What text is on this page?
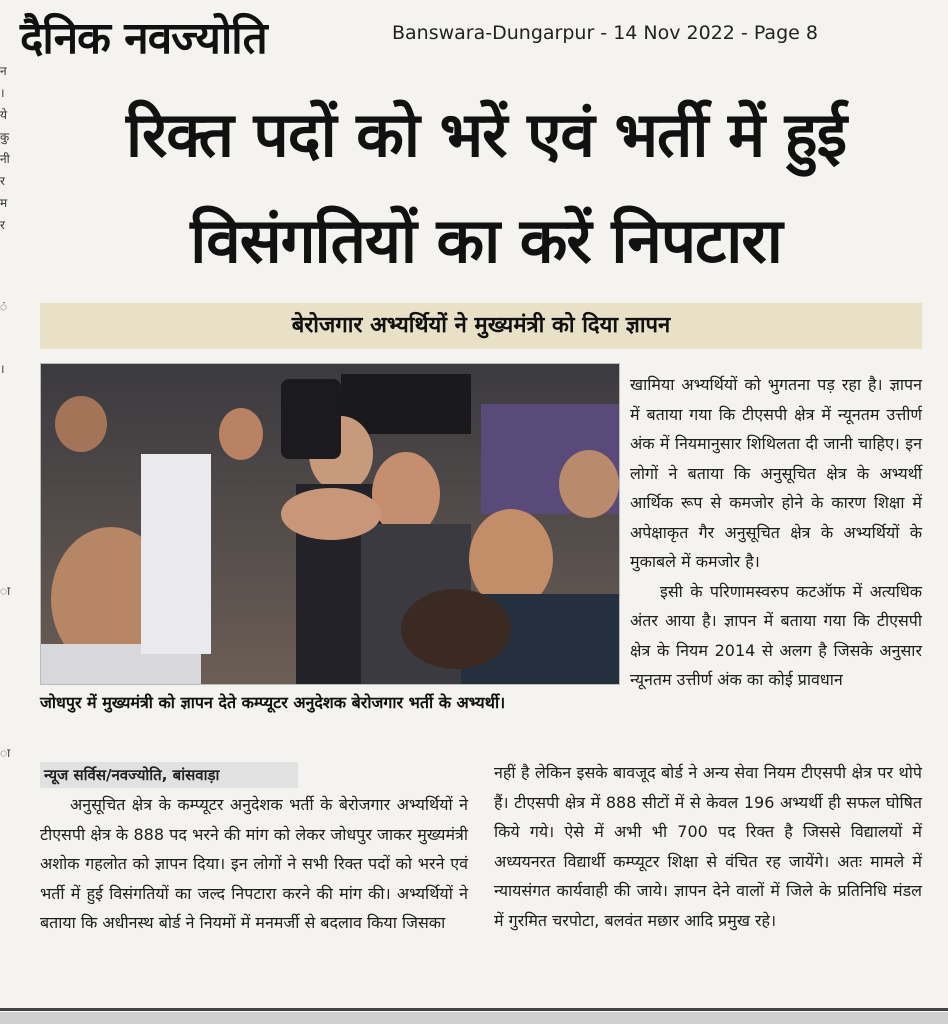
न
।
ये
कु
नी
र
म
र
ं
।
ा
ा
दैनिक नवज्योति	Banswara-Dungarpur - 14 Nov 2022 - Page 8
रिक्त पदों को भरें एवं भर्ती में हुई
विसंगतियों का करें निपटारा
बेरोजगार अभ्यर्थियों ने मुख्यमंत्री को दिया ज्ञापन
जोधपुर में मुख्यमंत्री को ज्ञापन देते कम्प्यूटर अनुदेशक बेरोजगार भर्ती के अभ्यर्थी।
न्यूज सर्विस/नवज्योति, बांसवाड़ा

अनुसूचित क्षेत्र के कम्प्यूटर अनुदेशक भर्ती के बेरोजगार अभ्यर्थियों ने टीएसपी क्षेत्र के 888 पद भरने की मांग को लेकर जोधपुर जाकर मुख्यमंत्री अशोक गहलोत को ज्ञापन दिया। इन लोगों ने सभी रिक्त पदों को भरने एवं भर्ती में हुई विसंगतियों का जल्द निपटारा करने की मांग की। अभ्यर्थियों ने बताया कि अधीनस्थ बोर्ड ने नियमों में मनमर्जी से बदलाव किया जिसका

खामिया अभ्यर्थियों को भुगतना पड़ रहा है। ज्ञापन में बताया गया कि टीएसपी क्षेत्र में न्यूनतम उत्तीर्ण अंक में नियमानुसार शिथिलता दी जानी चाहिए। इन लोगों ने बताया कि अनुसूचित क्षेत्र के अभ्यर्थी आर्थिक रूप से कमजोर होने के कारण शिक्षा में अपेक्षाकृत गैर अनुसूचित क्षेत्र के अभ्यर्थियों के मुकाबले में कमजोर है।

इसी के परिणामस्वरुप कटऑफ में अत्यधिक अंतर आया है। ज्ञापन में बताया गया कि टीएसपी क्षेत्र के नियम 2014 से अलग है जिसके अनुसार न्यूनतम उत्तीर्ण अंक का कोई प्रावधान

नहीं है लेकिन इसके बावजूद बोर्ड ने अन्य सेवा नियम टीएसपी क्षेत्र पर थोपे हैं। टीएसपी क्षेत्र में 888 सीटों में से केवल 196 अभ्यर्थी ही सफल घोषित किये गये। ऐसे में अभी भी 700 पद रिक्त है जिससे विद्यालयों में अध्ययनरत विद्यार्थी कम्प्यूटर शिक्षा से वंचित रह जायेंगे। अतः मामले में न्यायसंगत कार्यवाही की जाये। ज्ञापन देने वालों में जिले के प्रतिनिधि मंडल में गुरमित चरपोटा, बलवंत मछार आदि प्रमुख रहे।
